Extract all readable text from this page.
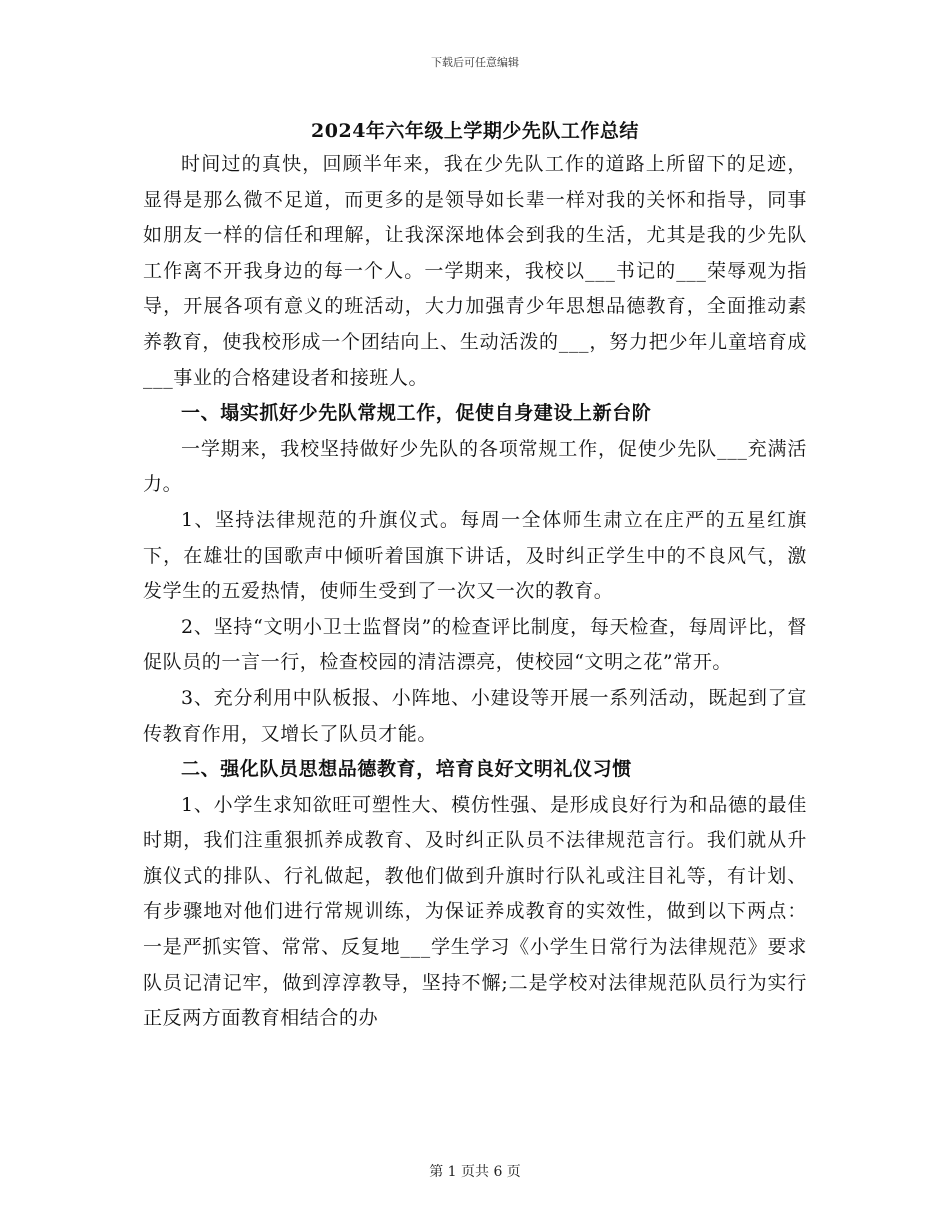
下载后可任意编辑
2024年六年级上学期少先队工作总结

时间过的真快，回顾半年来，我在少先队工作的道路上所留下的足迹，显得是那么微不足道，而更多的是领导如长辈一样对我的关怀和指导，同事如朋友一样的信任和理解，让我深深地体会到我的生活，尤其是我的少先队工作离不开我身边的每一个人。一学期来，我校以___书记的___荣辱观为指导，开展各项有意义的班活动，大力加强青少年思想品德教育，全面推动素养教育，使我校形成一个团结向上、生动活泼的___，努力把少年儿童培育成___事业的合格建设者和接班人。

一、塌实抓好少先队常规工作，促使自身建设上新台阶

一学期来，我校坚持做好少先队的各项常规工作，促使少先队___充满活力。

1、坚持法律规范的升旗仪式。每周一全体师生肃立在庄严的五星红旗下，在雄壮的国歌声中倾听着国旗下讲话，及时纠正学生中的不良风气，激发学生的五爱热情，使师生受到了一次又一次的教育。

2、坚持“文明小卫士监督岗”的检查评比制度，每天检查，每周评比，督促队员的一言一行，检查校园的清洁漂亮，使校园“文明之花”常开。

3、充分利用中队板报、小阵地、小建设等开展一系列活动，既起到了宣传教育作用，又增长了队员才能。

二、强化队员思想品德教育，培育良好文明礼仪习惯

1、小学生求知欲旺可塑性大、模仿性强、是形成良好行为和品德的最佳时期，我们注重狠抓养成教育、及时纠正队员不法律规范言行。我们就从升旗仪式的排队、行礼做起，教他们做到升旗时行队礼或注目礼等，有计划、有步骤地对他们进行常规训练，为保证养成教育的实效性，做到以下两点：一是严抓实管、常常、反复地___学生学习《小学生日常行为法律规范》要求队员记清记牢，做到淳淳教导，坚持不懈;二是学校对法律规范队员行为实行正反两方面教育相结合的办

第 1 页共 6 页
